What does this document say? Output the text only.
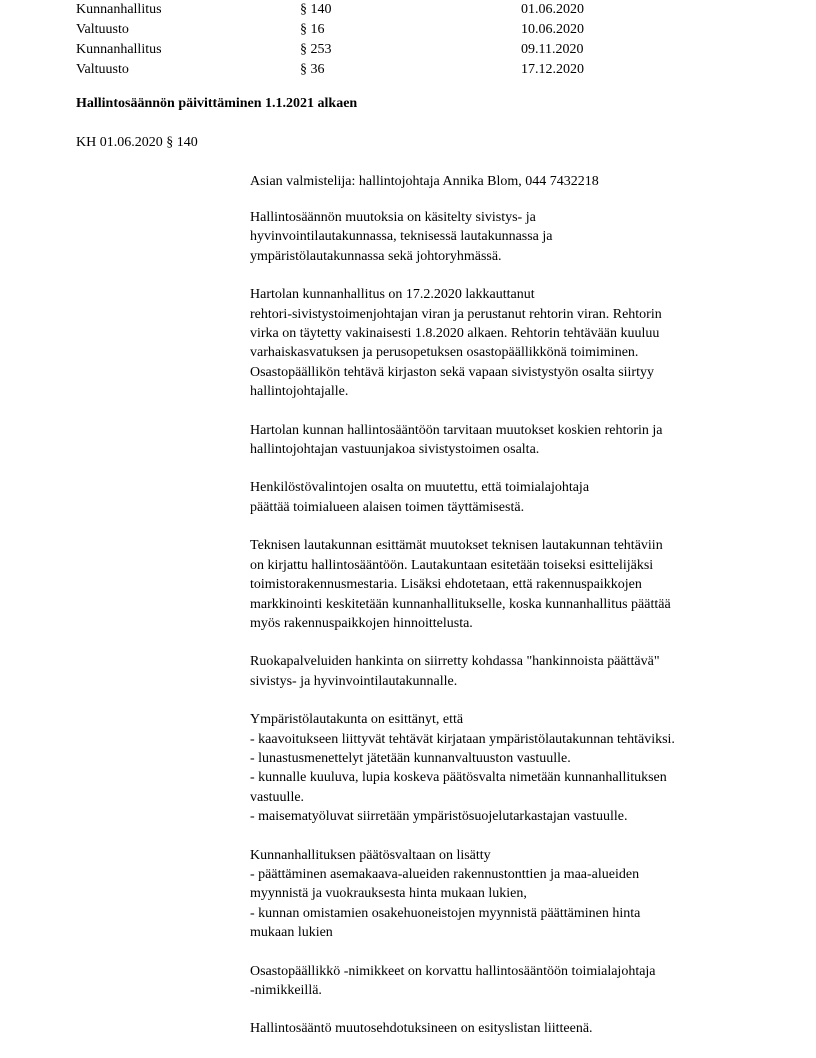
Kunnanhallitus	§ 140	01.06.2020
Valtuusto	§ 16	10.06.2020
Kunnanhallitus	§ 253	09.11.2020
Valtuusto	§ 36	17.12.2020
Hallintosäännön päivittäminen 1.1.2021 alkaen
KH 01.06.2020 § 140
Asian valmistelija: hallintojohtaja Annika Blom, 044 7432218
Hallintosäännön muutoksia on käsitelty sivistys- ja
hyvinvointilautakunnassa, teknisessä lautakunnassa ja
ympäristölautakunnassa sekä johtoryhmässä.
Hartolan kunnanhallitus on 17.2.2020 lakkauttanut
rehtori-sivistystoimenjohtajan viran ja perustanut rehtorin viran. Rehtorin
virka on täytetty vakinaisesti 1.8.2020 alkaen. Rehtorin tehtävään kuuluu
varhaiskasvatuksen ja perusopetuksen osastopäällikkönä toimiminen.
Osastopäällikön tehtävä kirjaston sekä vapaan sivistystyön osalta siirtyy
hallintojohtajalle.
Hartolan kunnan hallintosääntöön tarvitaan muutokset koskien rehtorin ja
hallintojohtajan vastuunjakoa sivistystoimen osalta.
Henkilöstövalintojen osalta on muutettu, että toimialajohtaja
päättää toimialueen alaisen toimen täyttämisestä.
Teknisen lautakunnan esittämät muutokset teknisen lautakunnan tehtäviin
on kirjattu hallintosääntöön. Lautakuntaan esitetään toiseksi esittelijäksi
toimistorakennusmestaria. Lisäksi ehdotetaan, että rakennuspaikkojen
markkinointi keskitetään kunnanhallitukselle, koska kunnanhallitus päättää
myös rakennuspaikkojen hinnoittelusta.
Ruokapalveluiden hankinta on siirretty kohdassa "hankinnoista päättävä"
sivistys- ja hyvinvointilautakunnalle.
Ympäristölautakunta on esittänyt, että
- kaavoitukseen liittyvät tehtävät kirjataan ympäristölautakunnan tehtäviksi.
- lunastusmenettelyt jätetään kunnanvaltuuston vastuulle.
- kunnalle kuuluva, lupia koskeva päätösvalta nimetään kunnanhallituksen
vastuulle.
- maisematyöluvat siirretään ympäristösuojelutarkastajan vastuulle.
Kunnanhallituksen päätösvaltaan on lisätty
- päättäminen asemakaava-alueiden rakennustonttien ja maa-alueiden
myynnistä ja vuokrauksesta hinta mukaan lukien,
- kunnan omistamien osakehuoneistojen myynnistä päättäminen hinta
mukaan lukien
Osastopäällikkö -nimikkeet on korvattu hallintosääntöön toimialajohtaja
-nimikkeillä.
Hallintosääntö muutosehdotuksineen on esityslistan liitteenä.
